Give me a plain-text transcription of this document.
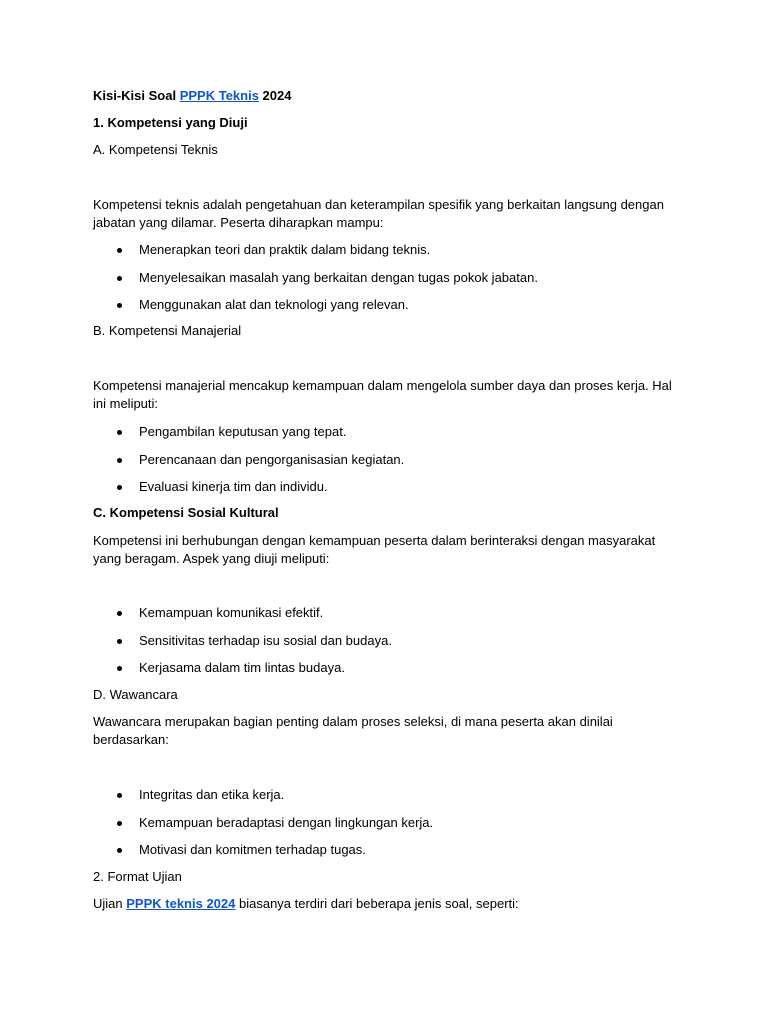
Kisi-Kisi Soal PPPK Teknis 2024
1. Kompetensi yang Diuji
A. Kompetensi Teknis
Kompetensi teknis adalah pengetahuan dan keterampilan spesifik yang berkaitan langsung dengan jabatan yang dilamar. Peserta diharapkan mampu:
Menerapkan teori dan praktik dalam bidang teknis.
Menyelesaikan masalah yang berkaitan dengan tugas pokok jabatan.
Menggunakan alat dan teknologi yang relevan.
B. Kompetensi Manajerial
Kompetensi manajerial mencakup kemampuan dalam mengelola sumber daya dan proses kerja. Hal ini meliputi:
Pengambilan keputusan yang tepat.
Perencanaan dan pengorganisasian kegiatan.
Evaluasi kinerja tim dan individu.
C. Kompetensi Sosial Kultural
Kompetensi ini berhubungan dengan kemampuan peserta dalam berinteraksi dengan masyarakat yang beragam. Aspek yang diuji meliputi:
Kemampuan komunikasi efektif.
Sensitivitas terhadap isu sosial dan budaya.
Kerjasama dalam tim lintas budaya.
D. Wawancara
Wawancara merupakan bagian penting dalam proses seleksi, di mana peserta akan dinilai berdasarkan:
Integritas dan etika kerja.
Kemampuan beradaptasi dengan lingkungan kerja.
Motivasi dan komitmen terhadap tugas.
2. Format Ujian
Ujian PPPK teknis 2024 biasanya terdiri dari beberapa jenis soal, seperti:
